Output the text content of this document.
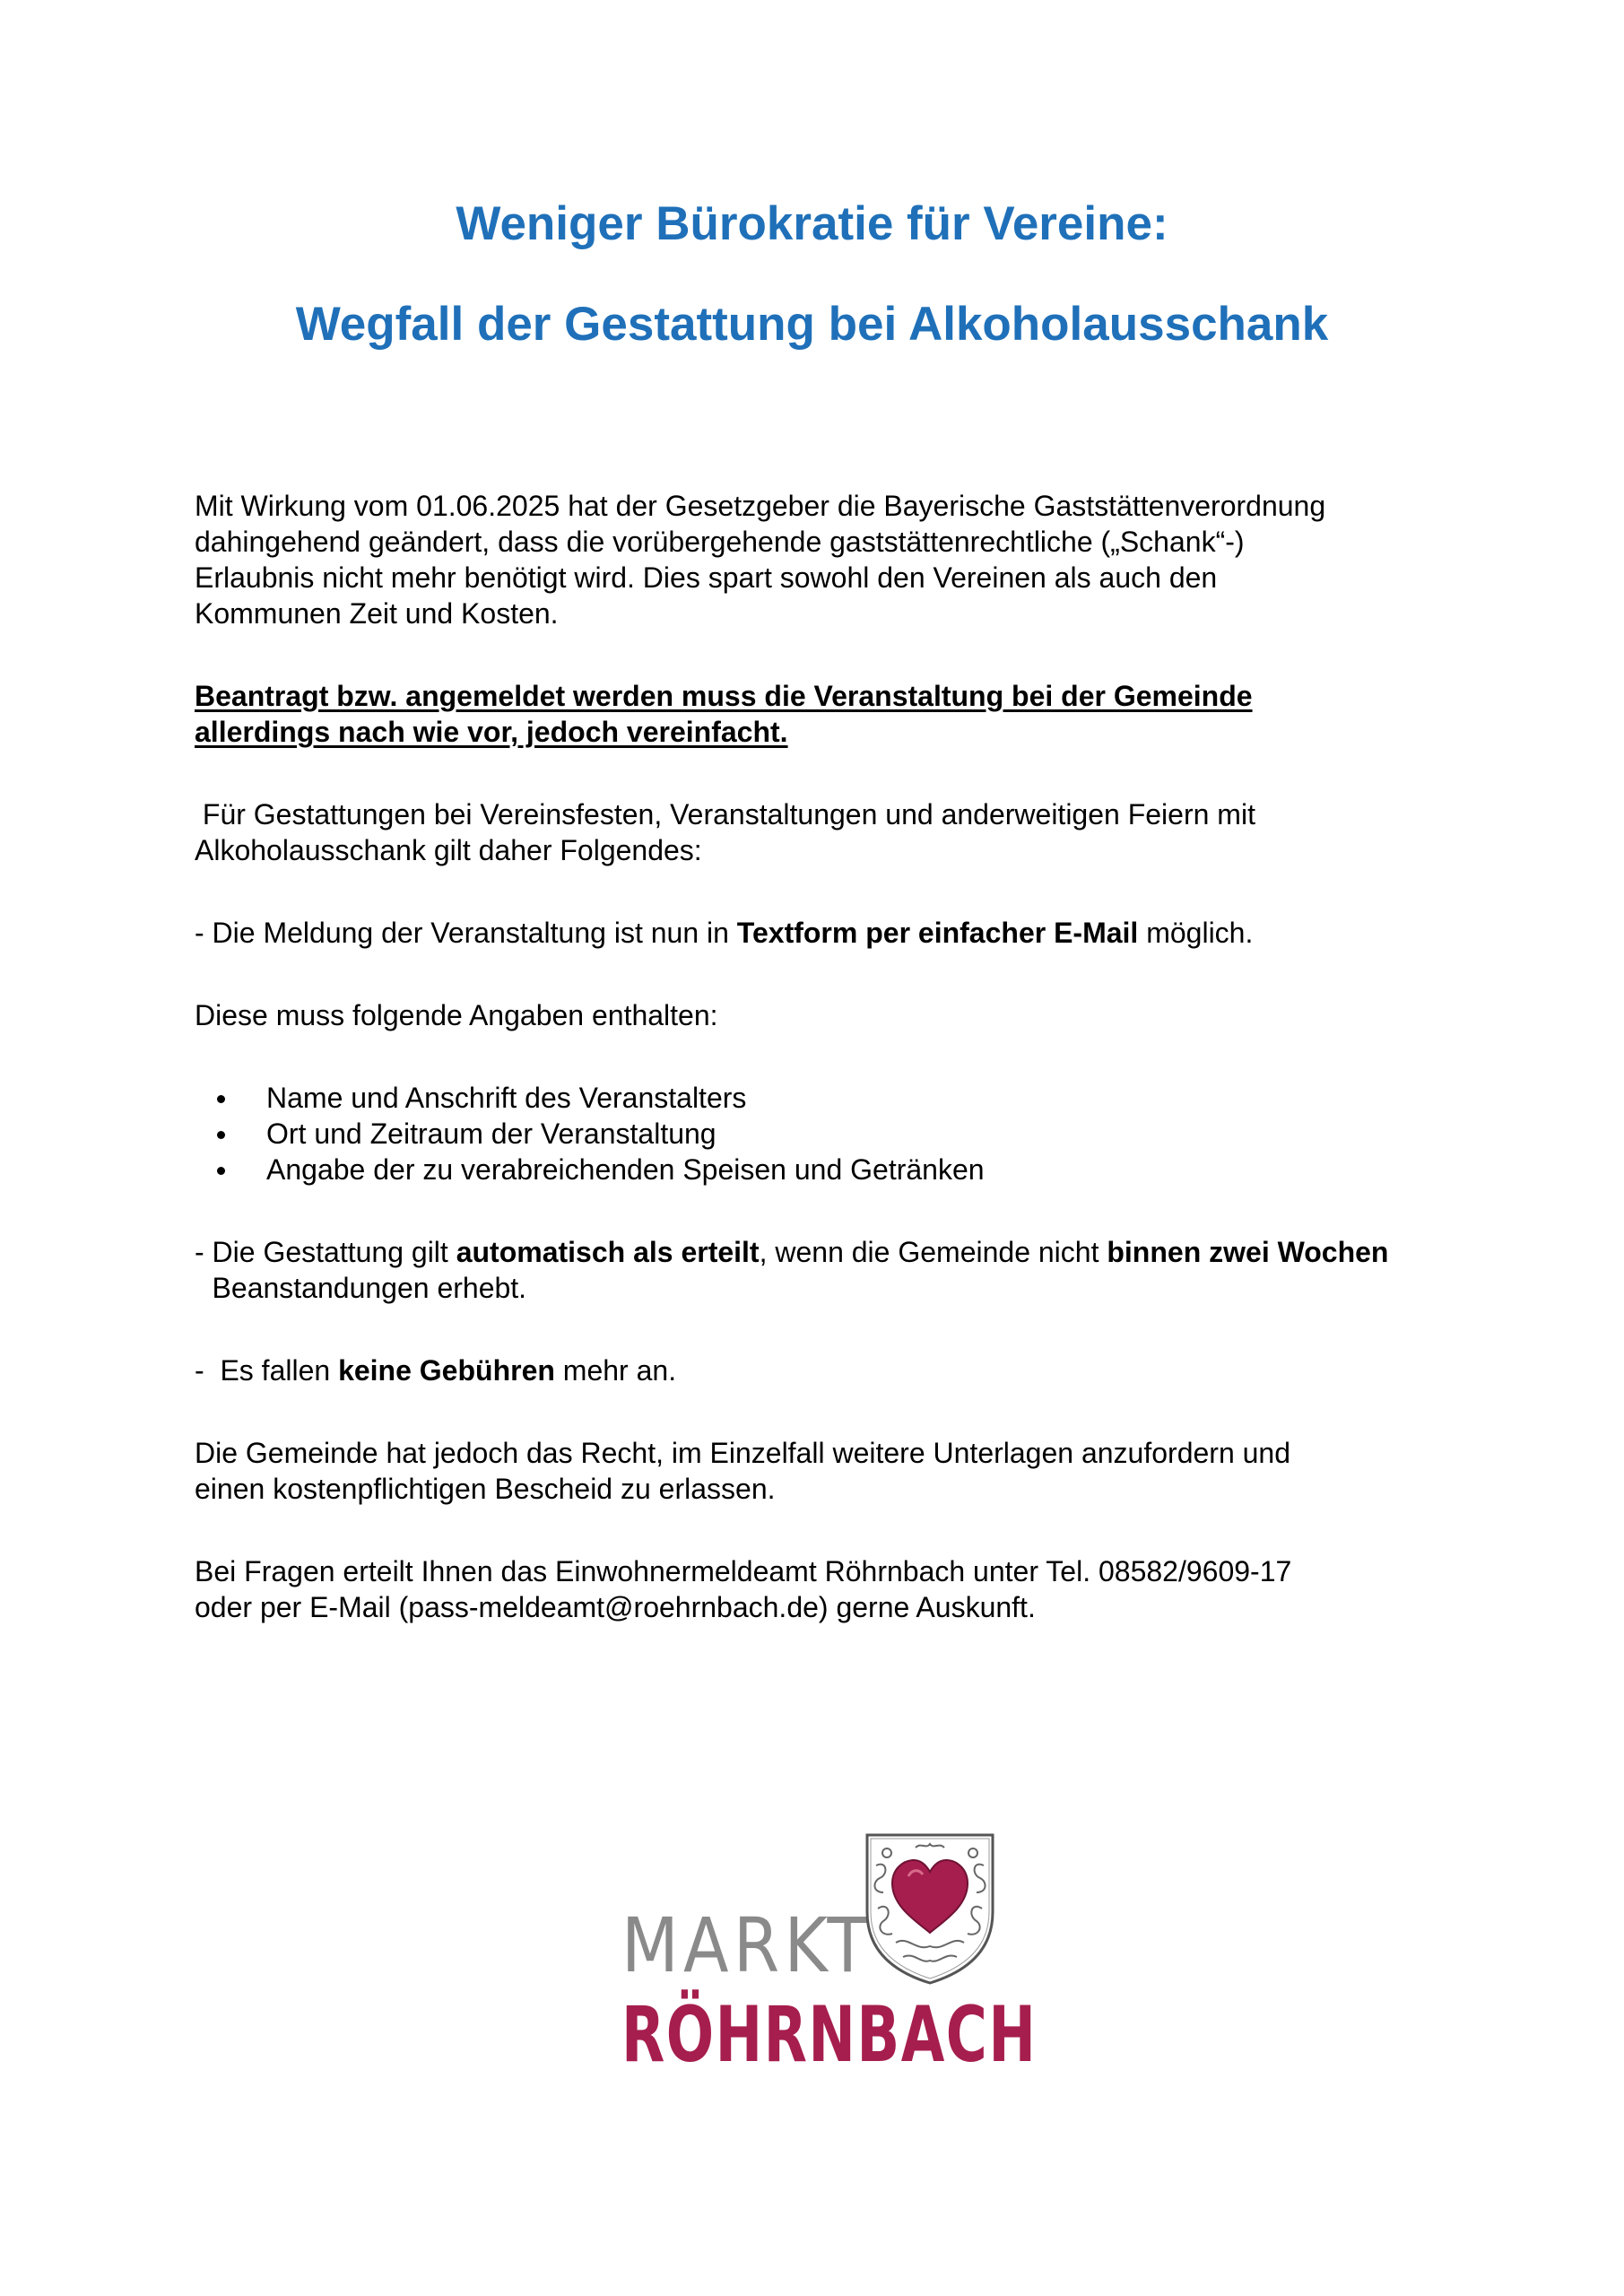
Weniger Bürokratie für Vereine:
Wegfall der Gestattung bei Alkoholausschank

Mit Wirkung vom 01.06.2025 hat der Gesetzgeber die Bayerische Gaststättenverordnung
dahingehend geändert, dass die vorübergehende gaststättenrechtliche („Schank“-)
Erlaubnis nicht mehr benötigt wird. Dies spart sowohl den Vereinen als auch den
Kommunen Zeit und Kosten.

Beantragt bzw. angemeldet werden muss die Veranstaltung bei der Gemeinde
allerdings nach wie vor, jedoch vereinfacht.

Für Gestattungen bei Vereinsfesten, Veranstaltungen und anderweitigen Feiern mit
Alkoholausschank gilt daher Folgendes:

- Die Meldung der Veranstaltung ist nun in Textform per einfacher E-Mail möglich.

Diese muss folgende Angaben enthalten:

Name und Anschrift des Veranstalters
Ort und Zeitraum der Veranstaltung
Angabe der zu verabreichenden Speisen und Getränken
- Die Gestattung gilt automatisch als erteilt, wenn die Gemeinde nicht binnen zwei Wochen Beanstandungen erhebt.

-  Es fallen keine Gebühren mehr an.

Die Gemeinde hat jedoch das Recht, im Einzelfall weitere Unterlagen anzufordern und
einen kostenpflichtigen Bescheid zu erlassen.

Bei Fragen erteilt Ihnen das Einwohnermeldeamt Röhrnbach unter Tel. 08582/9609-17
oder per E-Mail (pass-meldeamt@roehrnbach.de) gerne Auskunft.

MARKT
RÖHRNBACH
